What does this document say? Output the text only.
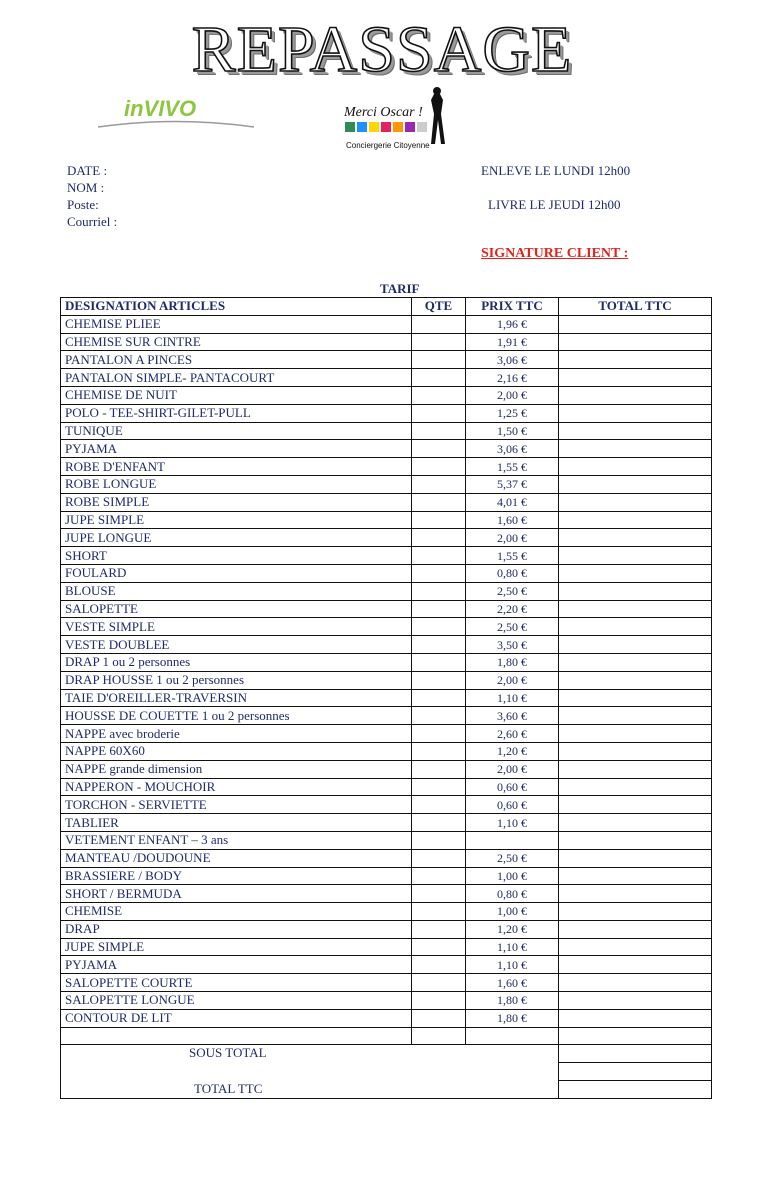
REPASSAGE
inVIVO	Merci Oscar !
Conciergerie Citoyenne
DATE :
NOM :
Poste:
Courriel :
ENLEVE LE LUNDI 12h00
LIVRE LE JEUDI 12h00
SIGNATURE CLIENT :
TARIF
DESIGNATION ARTICLES	QTE	PRIX TTC	TOTAL TTC
CHEMISE PLIEE		1,96 €	
CHEMISE SUR CINTRE		1,91 €	
PANTALON A PINCES		3,06 €	
PANTALON SIMPLE- PANTACOURT		2,16 €	
CHEMISE DE NUIT		2,00 €	
POLO - TEE-SHIRT-GILET-PULL		1,25 €	
TUNIQUE		1,50 €	
PYJAMA		3,06 €	
ROBE D'ENFANT		1,55 €	
ROBE LONGUE		5,37 €	
ROBE SIMPLE		4,01 €	
JUPE SIMPLE		1,60 €	
JUPE LONGUE		2,00 €	
SHORT		1,55 €	
FOULARD		0,80 €	
BLOUSE		2,50 €	
SALOPETTE		2,20 €	
VESTE SIMPLE		2,50 €	
VESTE DOUBLEE		3,50 €	
DRAP 1 ou 2 personnes		1,80 €	
DRAP HOUSSE 1 ou 2 personnes		2,00 €	
TAIE D'OREILLER-TRAVERSIN		1,10 €	
HOUSSE DE COUETTE 1 ou 2 personnes		3,60 €	
NAPPE avec broderie		2,60 €	
NAPPE 60X60		1,20 €	
NAPPE grande dimension		2,00 €	
NAPPERON - MOUCHOIR		0,60 €	
TORCHON - SERVIETTE		0,60 €	
TABLIER		1,10 €	
VETEMENT ENFANT – 3 ans			
MANTEAU /DOUDOUNE		2,50 €	
BRASSIERE / BODY		1,00 €	
SHORT / BERMUDA		0,80 €	
CHEMISE		1,00 €	
DRAP		1,20 €	
JUPE SIMPLE		1,10 €	
PYJAMA		1,10 €	
SALOPETTE COURTE		1,60 €	
SALOPETTE LONGUE		1,80 €	
CONTOUR DE LIT		1,80 €	

SOUS TOTAL
TOTAL TTC			
